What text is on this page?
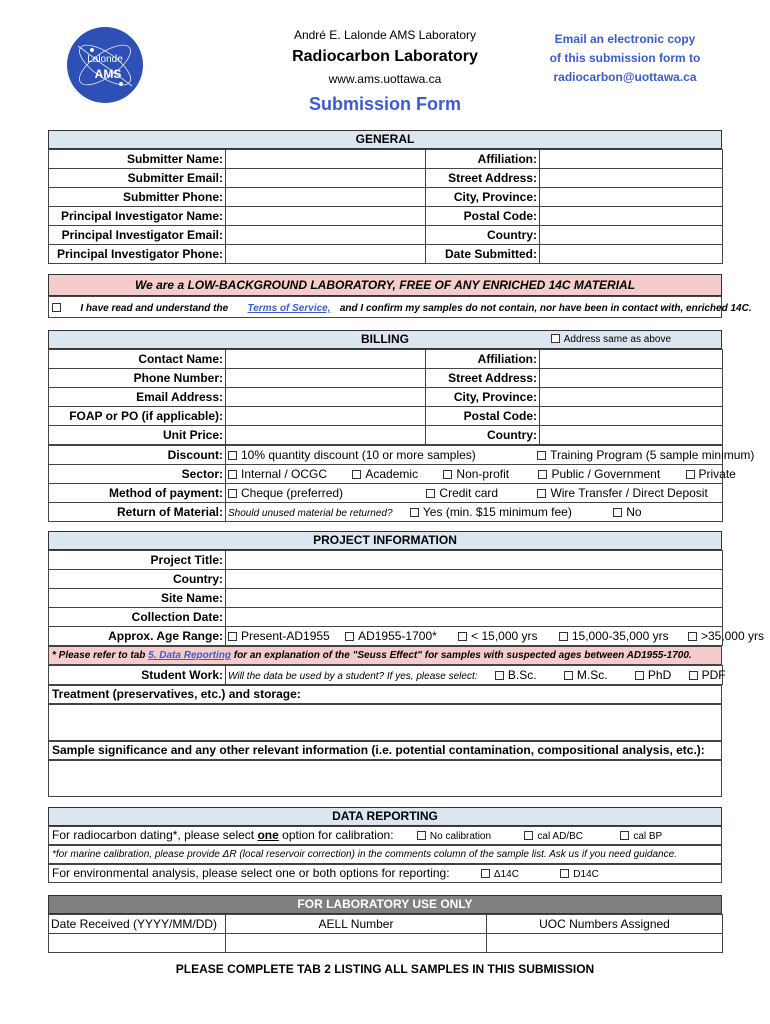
Lalonde
AMS
André E. Lalonde AMS Laboratory
Radiocarbon Laboratory
www.ams.uottawa.ca
Submission Form
Email an electronic copy
of this submission form to
radiocarbon@uottawa.ca
GENERAL
Submitter Name:		Affiliation:	
Submitter Email:		Street Address:	
Submitter Phone:		City, Province:	
Principal Investigator Name:		Postal Code:	
Principal Investigator Email:		Country:	
Principal Investigator Phone:		Date Submitted:	
We are a LOW-BACKGROUND LABORATORY, FREE OF ANY ENRICHED 14C MATERIAL
I have read and understand the Terms of Service, and I confirm my samples do not contain, nor have been in contact with, enriched 14C.
BILLING	Address same as above
Contact Name:		Affiliation:	
Phone Number:		Street Address:	
Email Address:		City, Province:	
FOAP or PO (if applicable):		Postal Code:	
Unit Price:		Country:	
Discount:	10% quantity discount (10 or more samples) Training Program (5 sample minimum)
Sector:	Internal / OCGC Academic Non-profit Public / Government Private
Method of payment:	Cheque (preferred) Credit card Wire Transfer / Direct Deposit
Return of Material:	Should unused material be returned? Yes (min. $15 minimum fee) No
PROJECT INFORMATION
Project Title:	
Country:	
Site Name:	
Collection Date:	
Approx. Age Range:	Present-AD1955 AD1955-1700* < 15,000 yrs 15,000-35,000 yrs >35,000 yrs
* Please refer to tab 5. Data Reporting for an explanation of the "Seuss Effect" for samples with suspected ages between AD1955-1700.
Student Work:	Will the data be used by a student? If yes, please select:	B.Sc.	M.Sc.	PhD	PDF
Treatment (preservatives, etc.) and storage:
Sample significance and any other relevant information (i.e. potential contamination, compositional analysis, etc.):
DATA REPORTING
For radiocarbon dating*, please select one option for calibration:	No calibration	cal AD/BC	cal BP
*for marine calibration, please provide ΔR (local reservoir correction) in the comments column of the sample list. Ask us if you need guidance.
For environmental analysis, please select one or both options for reporting:	Δ14C	D14C
FOR LABORATORY USE ONLY
Date Received (YYYY/MM/DD)	AELL Number	UOC Numbers Assigned

PLEASE COMPLETE TAB 2 LISTING ALL SAMPLES IN THIS SUBMISSION
